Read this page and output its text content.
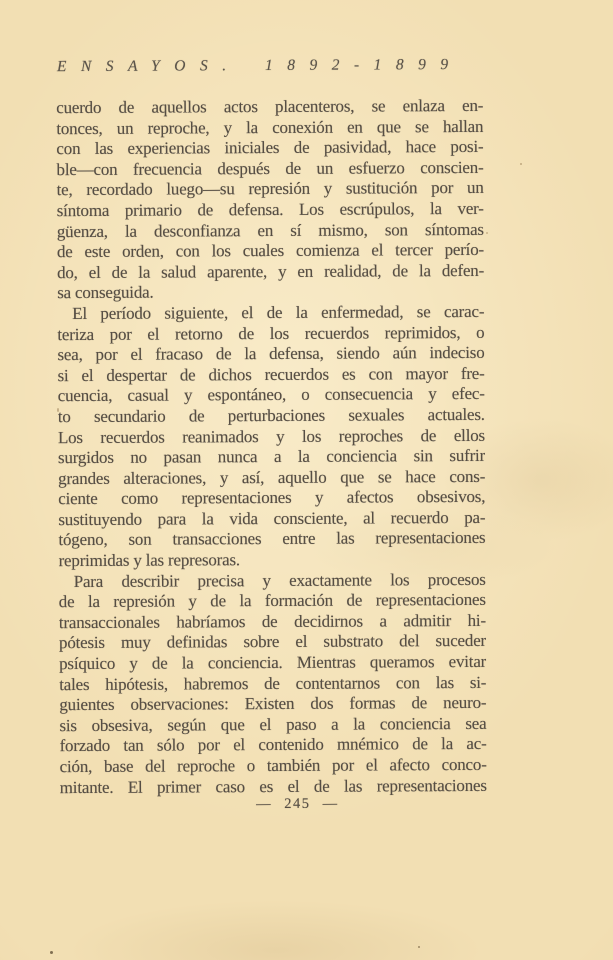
ENSAYOS. 1892-1899
cuerdo de aquellos actos placenteros, se enlaza en-
tonces, un reproche, y la conexión en que se hallan
con las experiencias iniciales de pasividad, hace posi-
ble—con frecuencia después de un esfuerzo conscien-
te, recordado luego—su represión y sustitución por un
síntoma primario de defensa. Los escrúpulos, la ver-
güenza, la desconfianza en sí mismo, son síntomas
de este orden, con los cuales comienza el tercer perío-
do, el de la salud aparente, y en realidad, de la defen-
sa conseguida.
El período siguiente, el de la enfermedad, se carac-
teriza por el retorno de los recuerdos reprimidos, o
sea, por el fracaso de la defensa, siendo aún indeciso
si el despertar de dichos recuerdos es con mayor fre-
cuencia, casual y espontáneo, o consecuencia y efec-
to secundario de perturbaciones sexuales actuales.
Los recuerdos reanimados y los reproches de ellos
surgidos no pasan nunca a la conciencia sin sufrir
grandes alteraciones, y así, aquello que se hace cons-
ciente como representaciones y afectos obsesivos,
sustituyendo para la vida consciente, al recuerdo pa-
tógeno, son transacciones entre las representaciones
reprimidas y las represoras.
Para describir precisa y exactamente los procesos
de la represión y de la formación de representaciones
transaccionales habríamos de decidirnos a admitir hi-
pótesis muy definidas sobre el substrato del suceder
psíquico y de la conciencia. Mientras queramos evitar
tales hipótesis, habremos de contentarnos con las si-
guientes observaciones: Existen dos formas de neuro-
sis obsesiva, según que el paso a la conciencia sea
forzado tan sólo por el contenido mnémico de la ac-
ción, base del reproche o también por el afecto conco-
mitante. El primer caso es el de las representaciones
— 245 —
